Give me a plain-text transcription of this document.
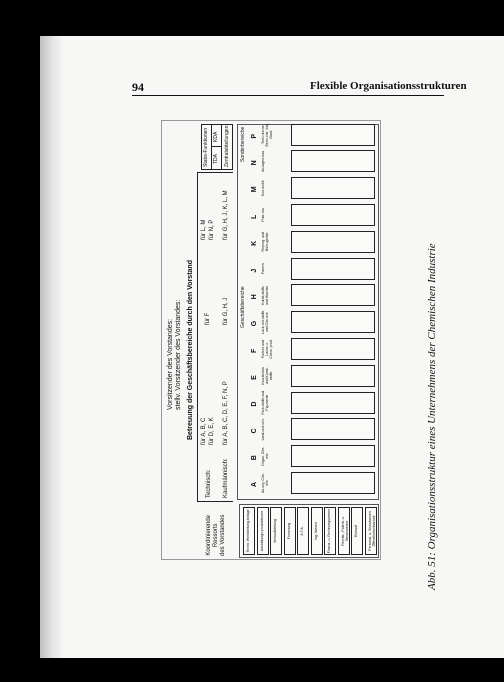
94	Flexible Organisationsstrukturen
Abb. 51: Organisationsstruktur eines Unternehmens der Chemischen Industrie
Vorsitzender des Vorstandes: stellv. Vorsitzender des Vorstandes: Betreuung der Geschäftsbereiche durch den Vorstand
Technisch: Kaufmännisch:
für A, B, C für D, E, K
für F
für L, M für N, P
für A, B, C, D, E, F, N, P
für G, H, J
für G, H, J, K, L, M
Stabs-Funktionen TDA
KDA Zentralabteilungen
Koordinierende Ressorts des Vorstandes	Techn. Werksleitung Anlage	Ausbildungs-produktionen	Verkaufsleitung	Forschung	A.T.A.	Ing.-Wesen	Finanz- u. Rechnungswesen	Rechts-, Patent- u. Steuerwesen	Einkauf	Personal- u. Sozialwesen Öffentlichkeitsarbeit
A An-org. Che-mie
B Organ. Che-mie
C Land-wirt-sch.
D Farb-stoffe und Pig-mente
E Kau-tschuk und Kunst-stoffe
F Farben und Lacke u. Chem. prod.
G Lack-roh-stoffe und Che-mie
H Kunst-stoffe und Wachse
J Fasern
K Reprog. und Büro-geräte
L Phar-ma
M Kos-metik
N An-lagen-bau
P Tech-nische Berei-che, Ind., Gase
Geschäftsbereiche
Sonderbereiche
